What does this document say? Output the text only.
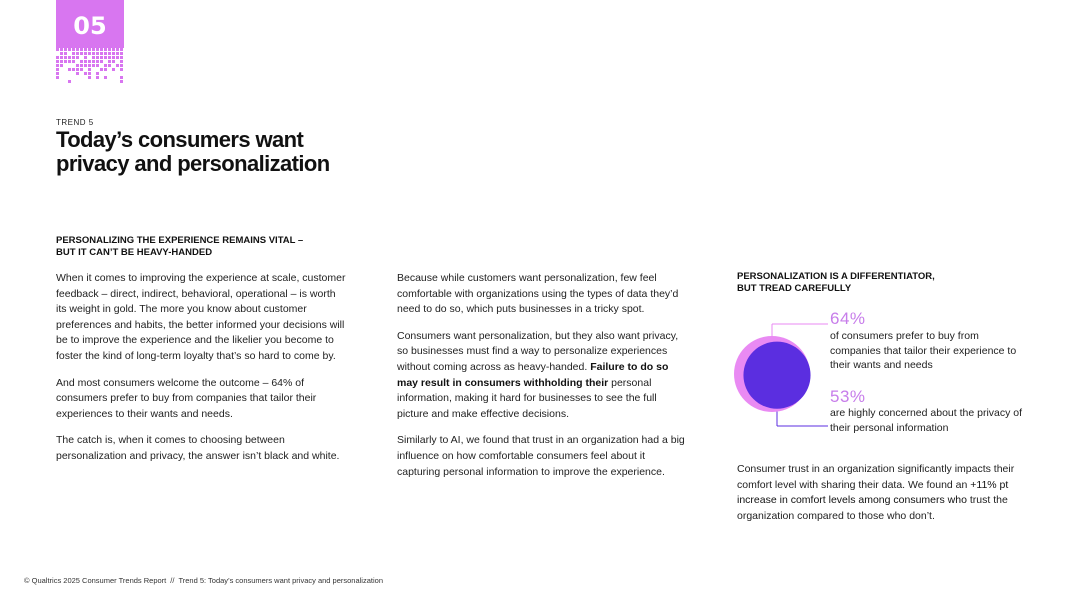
05
TREND 5
Today’s consumers want privacy and personalization
PERSONALIZING THE EXPERIENCE REMAINS VITAL –
BUT IT CAN’T BE HEAVY-HANDED

When it comes to improving the experience at scale, customer feedback – direct, indirect, behavioral, operational – is worth its weight in gold. The more you know about customer preferences and habits, the better informed your decisions will be to improve the experience and the likelier you become to foster the kind of long-term loyalty that’s so hard to come by.

And most consumers welcome the outcome – 64% of consumers prefer to buy from companies that tailor their experiences to their wants and needs.

The catch is, when it comes to choosing between personalization and privacy, the answer isn’t black and white.

Because while customers want personalization, few feel comfortable with organizations using the types of data they’d need to do so, which puts businesses in a tricky spot.

Consumers want personalization, but they also want privacy, so businesses must find a way to personalize experiences without coming across as heavy-handed. Failure to do so may result in consumers withholding their personal information, making it hard for businesses to see the full picture and make effective decisions.

Similarly to AI, we found that trust in an organization had a big influence on how comfortable consumers feel about it capturing personal information to improve the experience.

PERSONALIZATION IS A DIFFERENTIATOR,
BUT TREAD CAREFULLY
64%
of consumers prefer to buy from companies that tailor their experience to their wants and needs
53%
are highly concerned about the privacy of their personal information
Consumer trust in an organization significantly impacts their comfort level with sharing their data. We found an +11% pt increase in comfort levels among consumers who trust the organization compared to those who don’t.
© Qualtrics 2025 Consumer Trends Report // Trend 5: Today’s consumers want privacy and personalization
